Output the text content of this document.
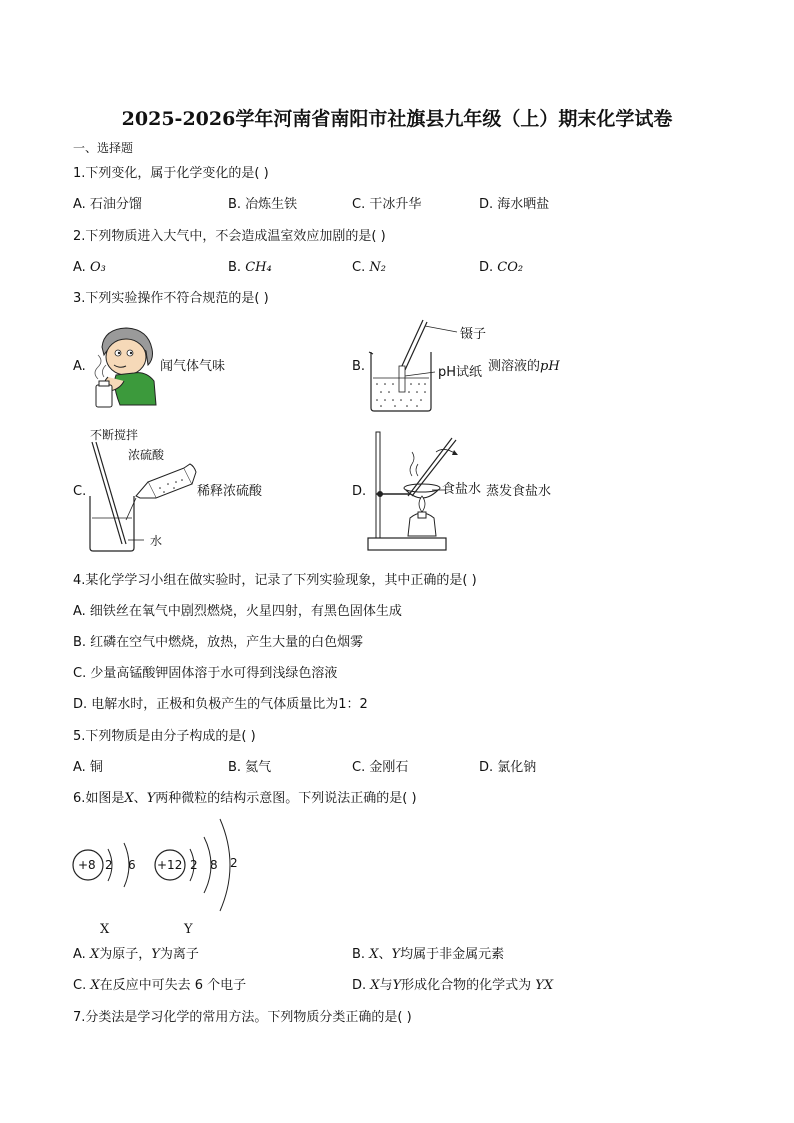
2025-2026学年河南省南阳市社旗县九年级（上）期末化学试卷
一、选择题
1.下列变化，属于化学变化的是( )
A. 石油分馏	B. 冶炼生铁	C. 干冰升华	D. 海水晒盐
2.下列物质进入大气中，不会造成温室效应加剧的是( )
A. O₃	B. CH₄	C. N₂	D. CO₂
3.下列实验操作不符合规范的是( )
A.	闻气体气味	B.
镊子
pH试纸 测溶液的pH
C.
不断搅拌
浓硫酸
稀释浓硫酸
水
D.	食盐水 蒸发食盐水
4.某化学学习小组在做实验时，记录了下列实验现象，其中正确的是( )
A. 细铁丝在氧气中剧烈燃烧，火星四射，有黑色固体生成
B. 红磷在空气中燃烧，放热，产生大量的白色烟雾
C. 少量高锰酸钾固体溶于水可得到浅绿色溶液
D. 电解水时，正极和负极产生的气体质量比为1：2
5.下列物质是由分子构成的是( )
A. 铜	B. 氦气	C. 金刚石	D. 氯化钠
6.如图是X、Y两种微粒的结构示意图。下列说法正确的是( )
+8 2 6 +12 2 8 2
X	Y
A. X为原子，Y为离子	B. X、Y均属于非金属元素
C. X在反应中可失去 6 个电子	D. X与Y形成化合物的化学式为 YX
7.分类法是学习化学的常用方法。下列物质分类正确的是( )
